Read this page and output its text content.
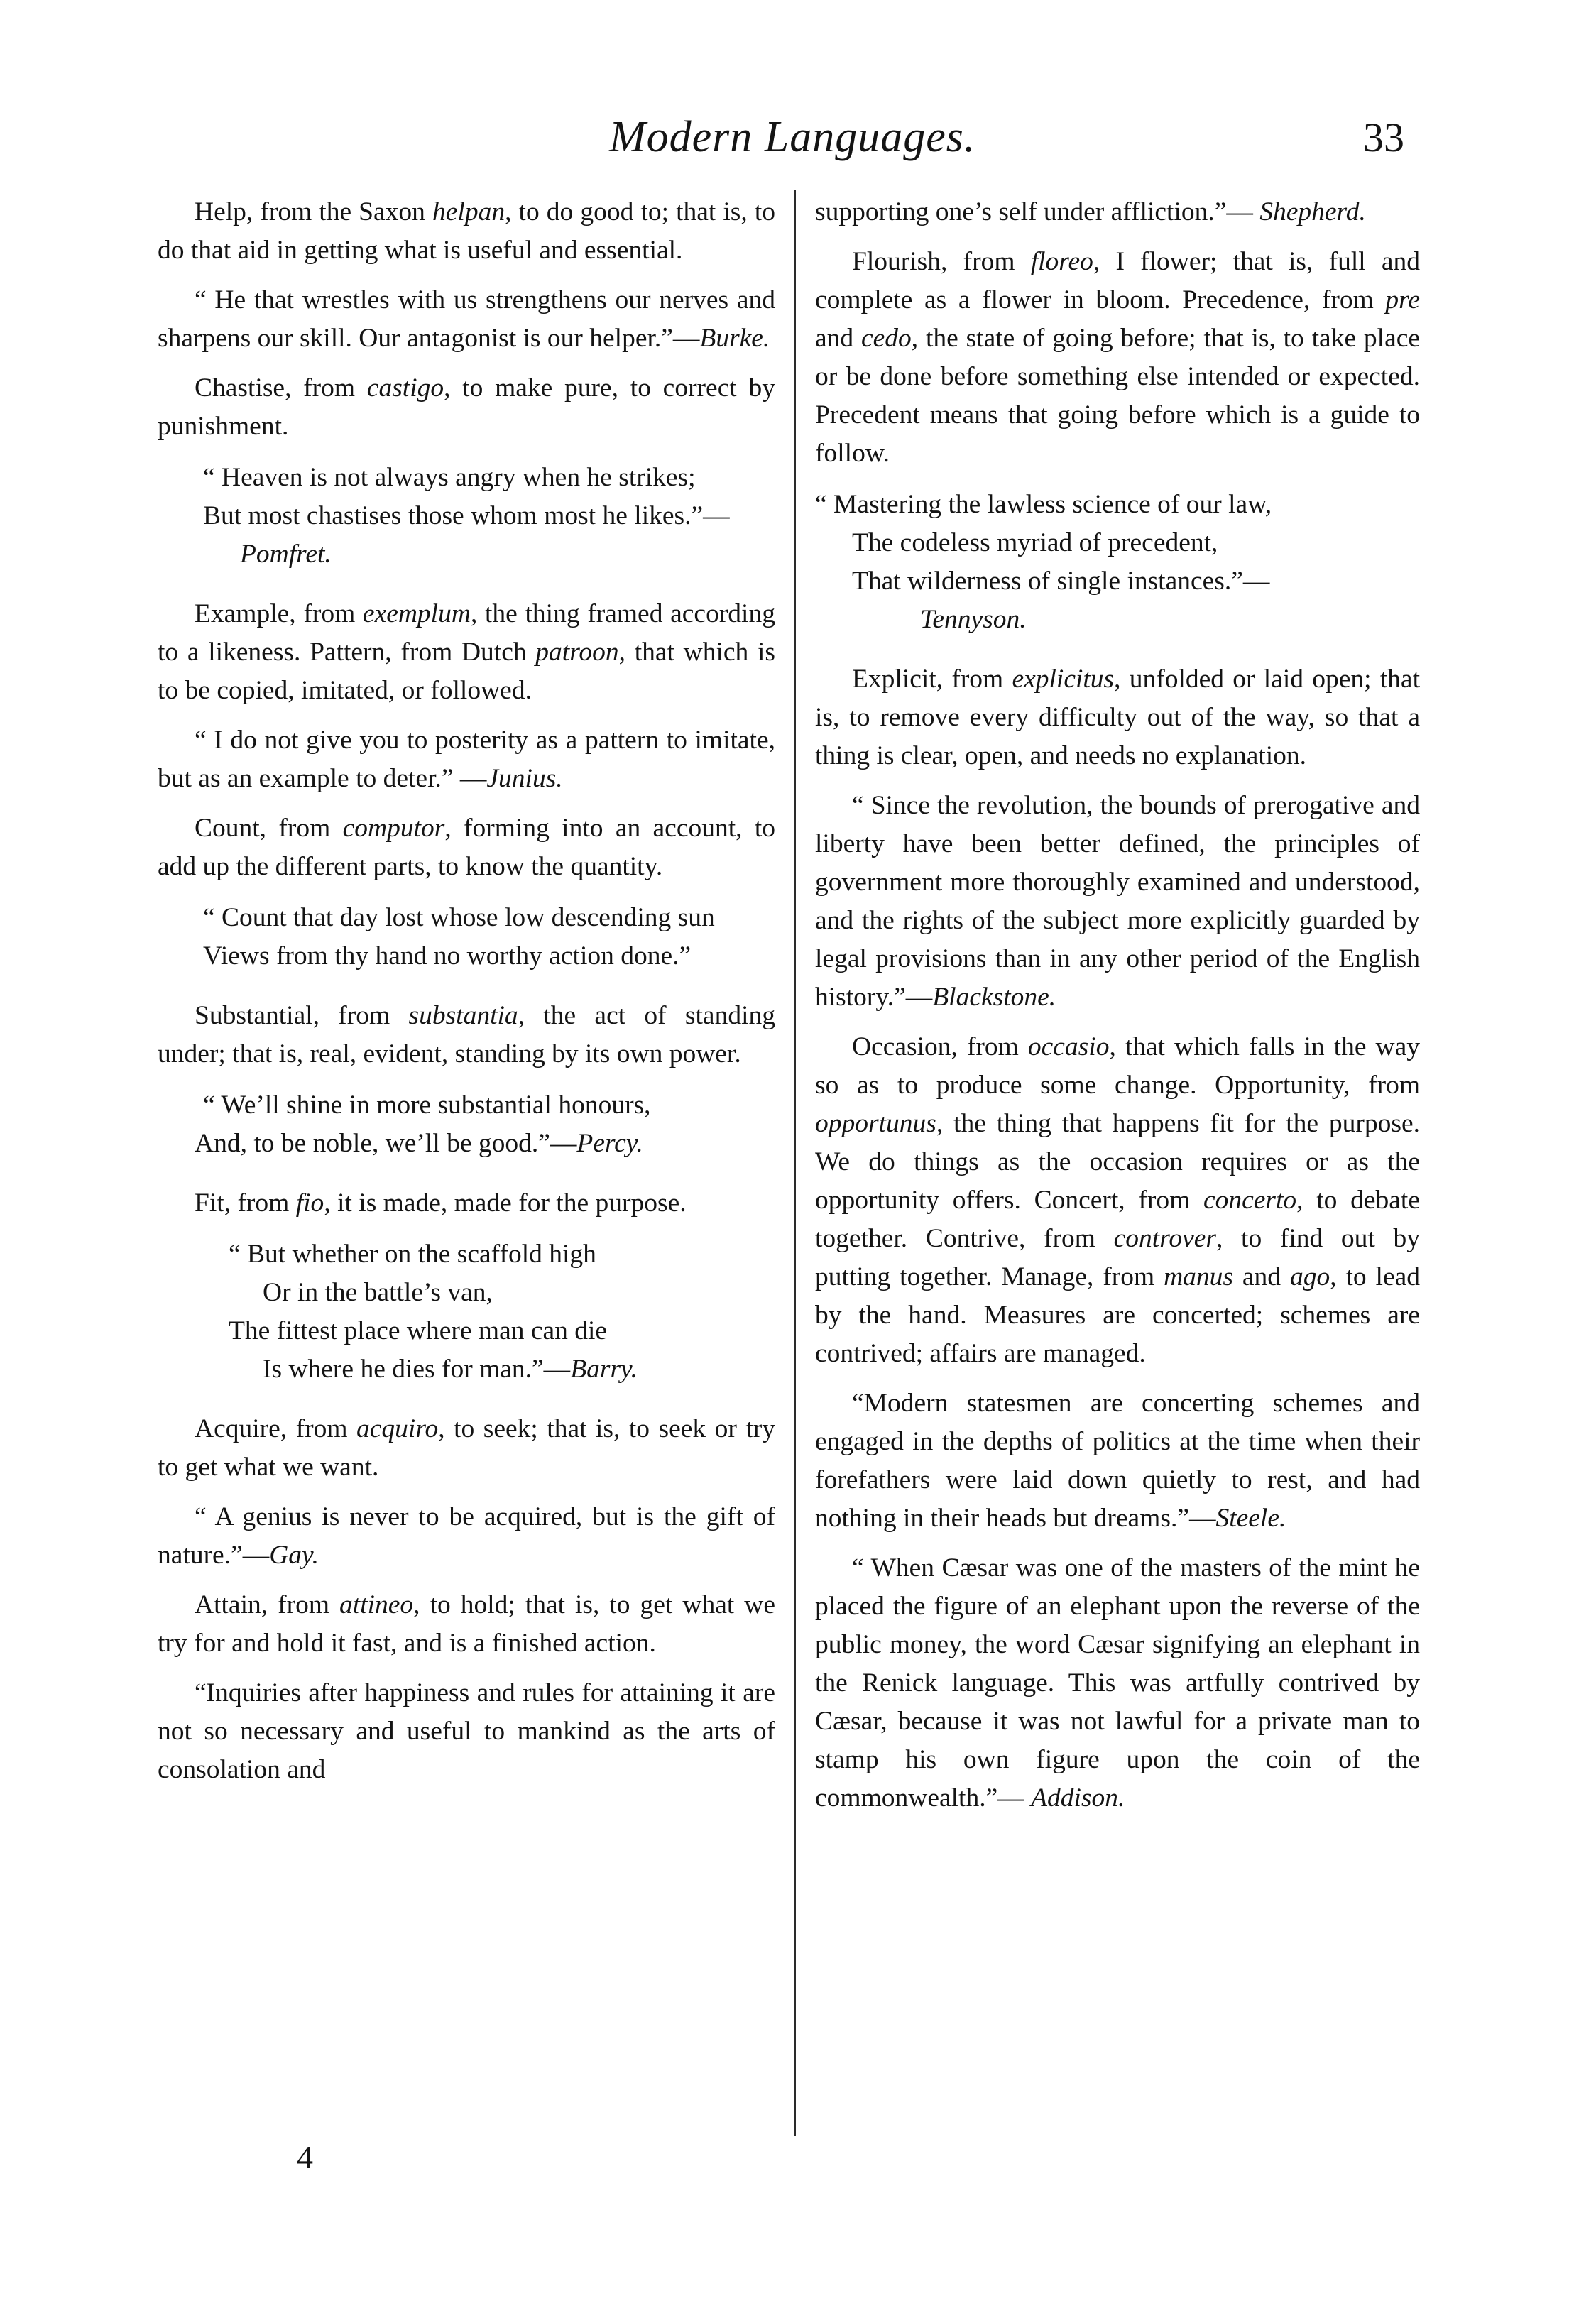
Modern Languages.	33

Help, from the Saxon helpan, to do good to; that is, to do that aid in getting what is useful and essential.

“ He that wrestles with us strengthens our nerves and sharpens our skill. Our antagonist is our helper.”—Burke.

Chastise, from castigo, to make pure, to correct by punishment.

“ Heaven is not always angry when he strikes;
But most chastises those whom most he likes.”—Pomfret.

Example, from exemplum, the thing framed according to a likeness. Pattern, from Dutch patroon, that which is to be copied, imitated, or followed.

“ I do not give you to posterity as a pattern to imitate, but as an example to deter.” —Junius.

Count, from computor, forming into an account, to add up the different parts, to know the quantity.

“ Count that day lost whose low descending sun
Views from thy hand no worthy action done.”

Substantial, from substantia, the act of standing under; that is, real, evident, standing by its own power.

“ We’ll shine in more substantial honours,
And, to be noble, we’ll be good.”—Percy.

Fit, from fio, it is made, made for the purpose.

“ But whether on the scaffold high
Or in the battle’s van,
The fittest place where man can die
Is where he dies for man.”—Barry.

Acquire, from acquiro, to seek; that is, to seek or try to get what we want.

“ A genius is never to be acquired, but is the gift of nature.”—Gay.

Attain, from attineo, to hold; that is, to get what we try for and hold it fast, and is a finished action.

“Inquiries after happiness and rules for attaining it are not so necessary and useful to mankind as the arts of consolation and

supporting one’s self under affliction.”— Shepherd.

Flourish, from floreo, I flower; that is, full and complete as a flower in bloom. Precedence, from pre and cedo, the state of going before; that is, to take place or be done before something else intended or expected. Precedent means that going before which is a guide to follow.

“ Mastering the lawless science of our law,
The codeless myriad of precedent,
That wilderness of single instances.”—
Tennyson.

Explicit, from explicitus, unfolded or laid open; that is, to remove every difficulty out of the way, so that a thing is clear, open, and needs no explanation.

“ Since the revolution, the bounds of prerogative and liberty have been better defined, the principles of government more thoroughly examined and understood, and the rights of the subject more explicitly guarded by legal provisions than in any other period of the English history.”—Blackstone.

Occasion, from occasio, that which falls in the way so as to produce some change. Opportunity, from opportunus, the thing that happens fit for the purpose. We do things as the occasion requires or as the opportunity offers. Concert, from concerto, to debate together. Contrive, from controver, to find out by putting together. Manage, from manus and ago, to lead by the hand. Measures are concerted; schemes are contrived; affairs are managed.

“Modern statesmen are concerting schemes and engaged in the depths of politics at the time when their forefathers were laid down quietly to rest, and had nothing in their heads but dreams.”—Steele.

“ When Cæsar was one of the masters of the mint he placed the figure of an elephant upon the reverse of the public money, the word Cæsar signifying an elephant in the Renick language. This was artfully contrived by Cæsar, because it was not lawful for a private man to stamp his own figure upon the coin of the commonwealth.”— Addison.

4
